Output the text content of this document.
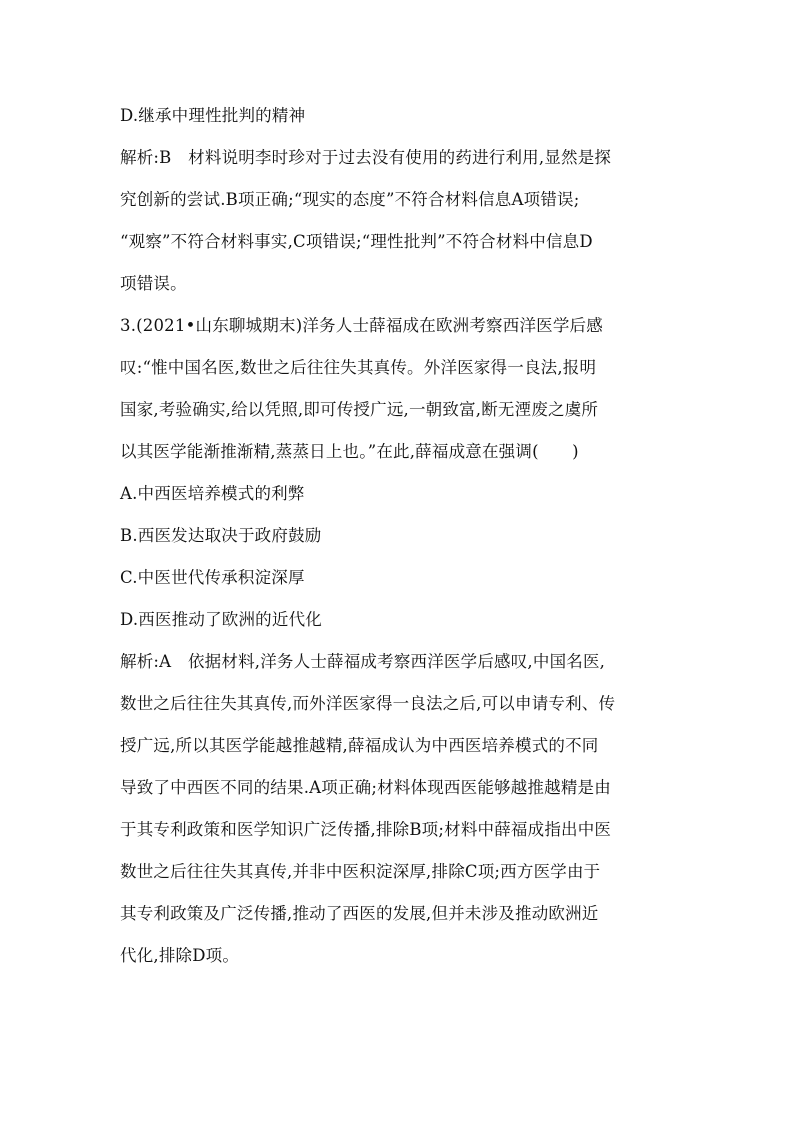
D.继承中理性批判的精神
解析:B　材料说明李时珍对于过去没有使用的药进行利用,显然是探
究创新的尝试.B项正确;“现实的态度”不符合材料信息A项错误;
“观察”不符合材料事实,C项错误;“理性批判”不符合材料中信息D
项错误。
3.(2021•山东聊城期末)洋务人士薛福成在欧洲考察西洋医学后感
叹:“惟中国名医,数世之后往往失其真传。外洋医家得一良法,报明
国家,考验确实,给以凭照,即可传授广远,一朝致富,断无湮废之虞所
以其医学能渐推渐精,蒸蒸日上也。”在此,薛福成意在强调(　　)
A.中西医培养模式的利弊
B.西医发达取决于政府鼓励
C.中医世代传承积淀深厚
D.西医推动了欧洲的近代化
解析:A　依据材料,洋务人士薛福成考察西洋医学后感叹,中国名医,
数世之后往往失其真传,而外洋医家得一良法之后,可以申请专利、传
授广远,所以其医学能越推越精,薛福成认为中西医培养模式的不同
导致了中西医不同的结果.A项正确;材料体现西医能够越推越精是由
于其专利政策和医学知识广泛传播,排除B项;材料中薛福成指出中医
数世之后往往失其真传,并非中医积淀深厚,排除C项;西方医学由于
其专利政策及广泛传播,推动了西医的发展,但并未涉及推动欧洲近
代化,排除D项。
